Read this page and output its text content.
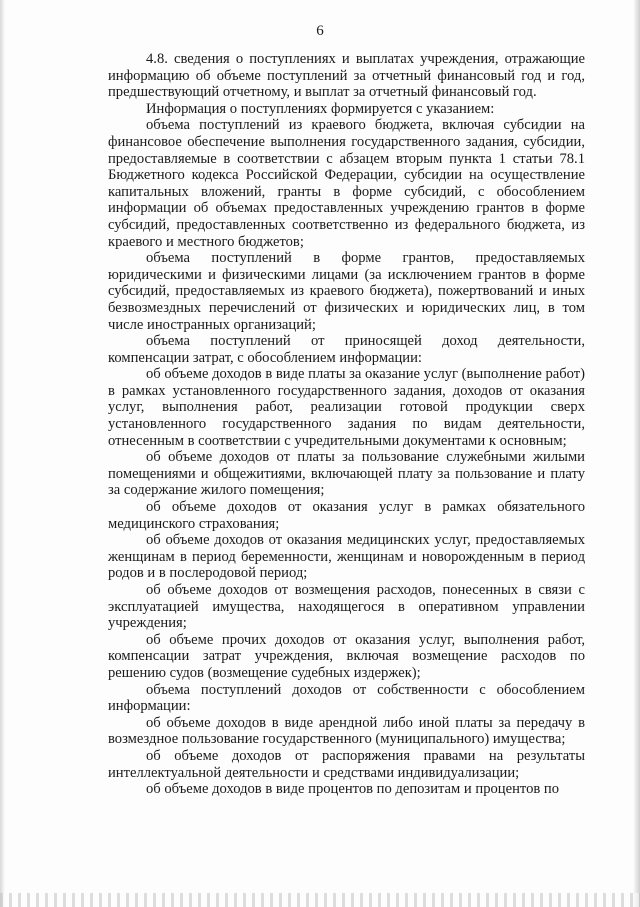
6

4.8. сведения о поступлениях и выплатах учреждения, отражающие информацию об объеме поступлений за отчетный финансовый год и год, предшествующий отчетному, и выплат за отчетный финансовый год.

Информация о поступлениях формируется с указанием:

объема поступлений из краевого бюджета, включая субсидии на финансовое обеспечение выполнения государственного задания, субсидии, предоставляемые в соответствии с абзацем вторым пункта 1 статьи 78.1 Бюджетного кодекса Российской Федерации, субсидии на осуществление капитальных вложений, гранты в форме субсидий, с обособлением информации об объемах предоставленных учреждению грантов в форме субсидий, предоставленных соответственно из федерального бюджета, из краевого и местного бюджетов;

объема поступлений в форме грантов, предоставляемых юридическими и физическими лицами (за исключением грантов в форме субсидий, предоставляемых из краевого бюджета), пожертвований и иных безвозмездных перечислений от физических и юридических лиц, в том числе иностранных организаций;

объема поступлений от приносящей доход деятельности, компенсации затрат, с обособлением информации:

об объеме доходов в виде платы за оказание услуг (выполнение работ) в рамках установленного государственного задания, доходов от оказания услуг, выполнения работ, реализации готовой продукции сверх установленного государственного задания по видам деятельности, отнесенным в соответствии с учредительными документами к основным;

об объеме доходов от платы за пользование служебными жилыми помещениями и общежитиями, включающей плату за пользование и плату за содержание жилого помещения;

об объеме доходов от оказания услуг в рамках обязательного медицинского страхования;

об объеме доходов от оказания медицинских услуг, предоставляемых женщинам в период беременности, женщинам и новорожденным в период родов и в послеродовой период;

об объеме доходов от возмещения расходов, понесенных в связи с эксплуатацией имущества, находящегося в оперативном управлении учреждения;

об объеме прочих доходов от оказания услуг, выполнения работ, компенсации затрат учреждения, включая возмещение расходов по решению судов (возмещение судебных издержек);

объема поступлений доходов от собственности с обособлением информации:

об объеме доходов в виде арендной либо иной платы за передачу в возмездное пользование государственного (муниципального) имущества;

об объеме доходов от распоряжения правами на результаты интеллектуальной деятельности и средствами индивидуализации;

об объеме доходов в виде процентов по депозитам и процентов по
